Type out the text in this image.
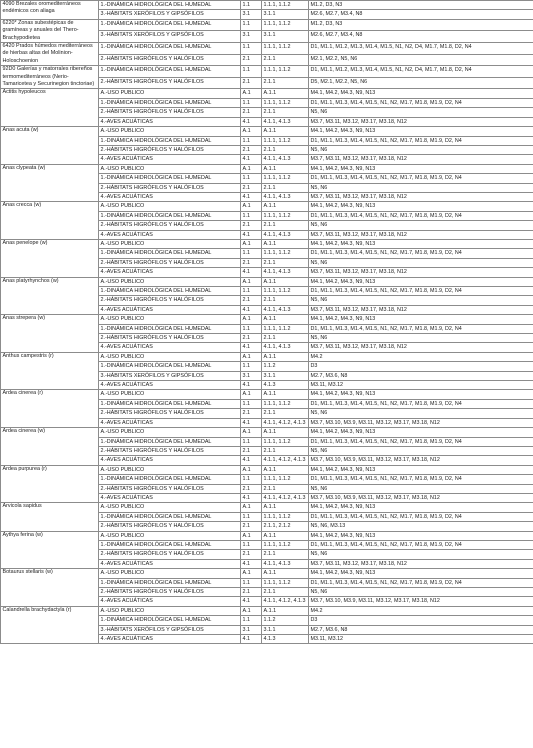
4090 Brezales oromediterráneos endémicos con aliaga	1.-DINÁMICA HIDROLÓGICA DEL HUMEDAL	1.1	1.1.1, 1.1.2	M1.2, D3, N3
	3.-HÁBITATS XERÓFILOS Y GIPSÓFILOS	3.1	3.1.1	M2.6, M2.7, M3.4, N8
6220* Zonas subestépicas de gramíneas y anuales del Thero-Brachypodietea	1.-DINÁMICA HIDROLÓGICA DEL HUMEDAL	1.1	1.1.1, 1.1.2	M1.2, D3, N3
	3.-HÁBITATS XERÓFILOS Y GIPSÓFILOS	3.1	3.1.1	M2.6, M2.7, M3.4, N8
6420 Prados húmedos mediterráneos de hierbas altas del Molinion-Holoschoenion	1.-DINÁMICA HIDROLÓGICA DEL HUMEDAL	1.1	1.1.1, 1.1.2	D1, M1.1, M1.2, M1.3, M1.4, M1.5, N1, N2, D4, M1.7, M1.8, D2, N4
	2.-HÁBITATS HIGRÓFILOS Y HALÓFILOS	2.1	2.1.1	M2.1, M2.2, N5, N6
92D0 Galerías y matorrales ribereños termomediterráneos (Nerio-Tamaricetea y Securinegion tinctoriae)	1.-DINÁMICA HIDROLÓGICA DEL HUMEDAL	1.1	1.1.1, 1.1.2	D1, M1.1, M1.2, M1.3, M1.4, M1.5, N1, N2, D4, M1.7, M1.8, D2, N4
	2.-HÁBITATS HIGRÓFILOS Y HALÓFILOS	2.1	2.1.1	D5, M2.1, M2.2, N5, N6
Actitis hypoleucos	A.-USO PUBLICO	A.1	A.1.1	M4.1, M4.2, M4.3, N9, N13
	1.-DINÁMICA HIDROLÓGICA DEL HUMEDAL	1.1	1.1.1, 1.1.2	D1, M1.1, M1.3, M1.4, M1.5, N1, N2, M1.7, M1.8, M1.9, D2, N4
	2.-HÁBITATS HIGRÓFILOS Y HALÓFILOS	2.1	2.1.1	N5, N6
	4.-AVES ACUÁTICAS	4.1	4.1.1, 4.1.3	M3.7, M3.11, M3.12, M3.17, M3.18, N12
Anas acuta (w)	A.-USO PUBLICO	A.1	A.1.1	M4.1, M4.2, M4.3, N9, N13
	1.-DINÁMICA HIDROLÓGICA DEL HUMEDAL	1.1	1.1.1, 1.1.2	D1, M1.1, M1.3, M1.4, M1.5, N1, N2, M1.7, M1.8, M1.9, D2, N4
	2.-HÁBITATS HIGRÓFILOS Y HALÓFILOS	2.1	2.1.1	N5, N6
	4.-AVES ACUÁTICAS	4.1	4.1.1, 4.1.3	M3.7, M3.11, M3.12, M3.17, M3.18, N12
Anas clypeata (w)	A.-USO PUBLICO	A.1	A.1.1	M4.1, M4.2, M4.3, N9, N13
	1.-DINÁMICA HIDROLÓGICA DEL HUMEDAL	1.1	1.1.1, 1.1.2	D1, M1.1, M1.3, M1.4, M1.5, N1, N2, M1.7, M1.8, M1.9, D2, N4
	2.-HÁBITATS HIGRÓFILOS Y HALÓFILOS	2.1	2.1.1	N5, N6
	4.-AVES ACUÁTICAS	4.1	4.1.1, 4.1.3	M3.7, M3.11, M3.12, M3.17, M3.18, N12
Anas crecca (w)	A.-USO PUBLICO	A.1	A.1.1	M4.1, M4.2, M4.3, N9, N13
	1.-DINÁMICA HIDROLÓGICA DEL HUMEDAL	1.1	1.1.1, 1.1.2	D1, M1.1, M1.3, M1.4, M1.5, N1, N2, M1.7, M1.8, M1.9, D2, N4
	2.-HÁBITATS HIGRÓFILOS Y HALÓFILOS	2.1	2.1.1	N5, N6
	4.-AVES ACUÁTICAS	4.1	4.1.1, 4.1.3	M3.7, M3.11, M3.12, M3.17, M3.18, N12
Anas penelope (w)	A.-USO PUBLICO	A.1	A.1.1	M4.1, M4.2, M4.3, N9, N13
	1.-DINÁMICA HIDROLÓGICA DEL HUMEDAL	1.1	1.1.1, 1.1.2	D1, M1.1, M1.3, M1.4, M1.5, N1, N2, M1.7, M1.8, M1.9, D2, N4
	2.-HÁBITATS HIGRÓFILOS Y HALÓFILOS	2.1	2.1.1	N5, N6
	4.-AVES ACUÁTICAS	4.1	4.1.1, 4.1.3	M3.7, M3.11, M3.12, M3.17, M3.18, N12
Anas platyrhynchos (w)	A.-USO PUBLICO	A.1	A.1.1	M4.1, M4.2, M4.3, N9, N13
	1.-DINÁMICA HIDROLÓGICA DEL HUMEDAL	1.1	1.1.1, 1.1.2	D1, M1.1, M1.3, M1.4, M1.5, N1, N2, M1.7, M1.8, M1.9, D2, N4
	2.-HÁBITATS HIGRÓFILOS Y HALÓFILOS	2.1	2.1.1	N5, N6
	4.-AVES ACUÁTICAS	4.1	4.1.1, 4.1.3	M3.7, M3.11, M3.12, M3.17, M3.18, N12
Anas strepera (w)	A.-USO PUBLICO	A.1	A.1.1	M4.1, M4.2, M4.3, N9, N13
	1.-DINÁMICA HIDROLÓGICA DEL HUMEDAL	1.1	1.1.1, 1.1.2	D1, M1.1, M1.3, M1.4, M1.5, N1, N2, M1.7, M1.8, M1.9, D2, N4
	2.-HÁBITATS HIGRÓFILOS Y HALÓFILOS	2.1	2.1.1	N5, N6
	4.-AVES ACUÁTICAS	4.1	4.1.1, 4.1.3	M3.7, M3.11, M3.12, M3.17, M3.18, N12
Anthus campestris (r)	A.-USO PUBLICO	A.1	A.1.1	M4.2
	1.-DINÁMICA HIDROLÓGICA DEL HUMEDAL	1.1	1.1.2	D3
	3.-HÁBITATS XERÓFILOS Y GIPSÓFILOS	3.1	3.1.1	M2.7, M3.6, N8
	4.-AVES ACUÁTICAS	4.1	4.1.3	M3.11, M3.12
Ardea cinerea (r)	A.-USO PUBLICO	A.1	A.1.1	M4.1, M4.2, M4.3, N9, N13
	1.-DINÁMICA HIDROLÓGICA DEL HUMEDAL	1.1	1.1.1, 1.1.2	D1, M1.1, M1.3, M1.4, M1.5, N1, N2, M1.7, M1.8, M1.9, D2, N4
	2.-HÁBITATS HIGRÓFILOS Y HALÓFILOS	2.1	2.1.1	N5, N6
	4.-AVES ACUÁTICAS	4.1	4.1.1, 4.1.2, 4.1.3	M3.7, M3.10, M3.9, M3.11, M3.12, M3.17, M3.18, N12
Ardea cinerea (w)	A.-USO PUBLICO	A.1	A.1.1	M4.1, M4.2, M4.3, N9, N13
	1.-DINÁMICA HIDROLÓGICA DEL HUMEDAL	1.1	1.1.1, 1.1.2	D1, M1.1, M1.3, M1.4, M1.5, N1, N2, M1.7, M1.8, M1.9, D2, N4
	2.-HÁBITATS HIGRÓFILOS Y HALÓFILOS	2.1	2.1.1	N5, N6
	4.-AVES ACUÁTICAS	4.1	4.1.1, 4.1.2, 4.1.3	M3.7, M3.10, M3.9, M3.11, M3.12, M3.17, M3.18, N12
Ardea purpurea (r)	A.-USO PUBLICO	A.1	A.1.1	M4.1, M4.2, M4.3, N9, N13
	1.-DINÁMICA HIDROLÓGICA DEL HUMEDAL	1.1	1.1.1, 1.1.2	D1, M1.1, M1.3, M1.4, M1.5, N1, N2, M1.7, M1.8, M1.9, D2, N4
	2.-HÁBITATS HIGRÓFILOS Y HALÓFILOS	2.1	2.1.1	N5, N6
	4.-AVES ACUÁTICAS	4.1	4.1.1, 4.1.2, 4.1.3	M3.7, M3.10, M3.9, M3.11, M3.12, M3.17, M3.18, N12
Arvicola sapidus	A.-USO PUBLICO	A.1	A.1.1	M4.1, M4.2, M4.3, N9, N13
	1.-DINÁMICA HIDROLÓGICA DEL HUMEDAL	1.1	1.1.1, 1.1.2	D1, M1.1, M1.3, M1.4, M1.5, N1, N2, M1.7, M1.8, M1.9, D2, N4
	2.-HÁBITATS HIGRÓFILOS Y HALÓFILOS	2.1	2.1.1, 2.1.2	N5, N6, M3.13
Aythya ferina (w)	A.-USO PUBLICO	A.1	A.1.1	M4.1, M4.2, M4.3, N9, N13
	1.-DINÁMICA HIDROLÓGICA DEL HUMEDAL	1.1	1.1.1, 1.1.2	D1, M1.1, M1.3, M1.4, M1.5, N1, N2, M1.7, M1.8, M1.9, D2, N4
	2.-HÁBITATS HIGRÓFILOS Y HALÓFILOS	2.1	2.1.1	N5, N6
	4.-AVES ACUÁTICAS	4.1	4.1.1, 4.1.3	M3.7, M3.11, M3.12, M3.17, M3.18, N12
Botaurus stellaris (w)	A.-USO PUBLICO	A.1	A.1.1	M4.1, M4.2, M4.3, N9, N13
	1.-DINÁMICA HIDROLÓGICA DEL HUMEDAL	1.1	1.1.1, 1.1.2	D1, M1.1, M1.3, M1.4, M1.5, N1, N2, M1.7, M1.8, M1.9, D2, N4
	2.-HÁBITATS HIGRÓFILOS Y HALÓFILOS	2.1	2.1.1	N5, N6
	4.-AVES ACUÁTICAS	4.1	4.1.1, 4.1.2, 4.1.3	M3.7, M3.10, M3.9, M3.11, M3.12, M3.17, M3.18, N12
Calandrella brachydactyla (r)	A.-USO PUBLICO	A.1	A.1.1	M4.2
	1.-DINÁMICA HIDROLÓGICA DEL HUMEDAL	1.1	1.1.2	D3
	3.-HÁBITATS XERÓFILOS Y GIPSÓFILOS	3.1	3.1.1	M2.7, M3.6, N8
	4.-AVES ACUÁTICAS	4.1	4.1.3	M3.11, M3.12
